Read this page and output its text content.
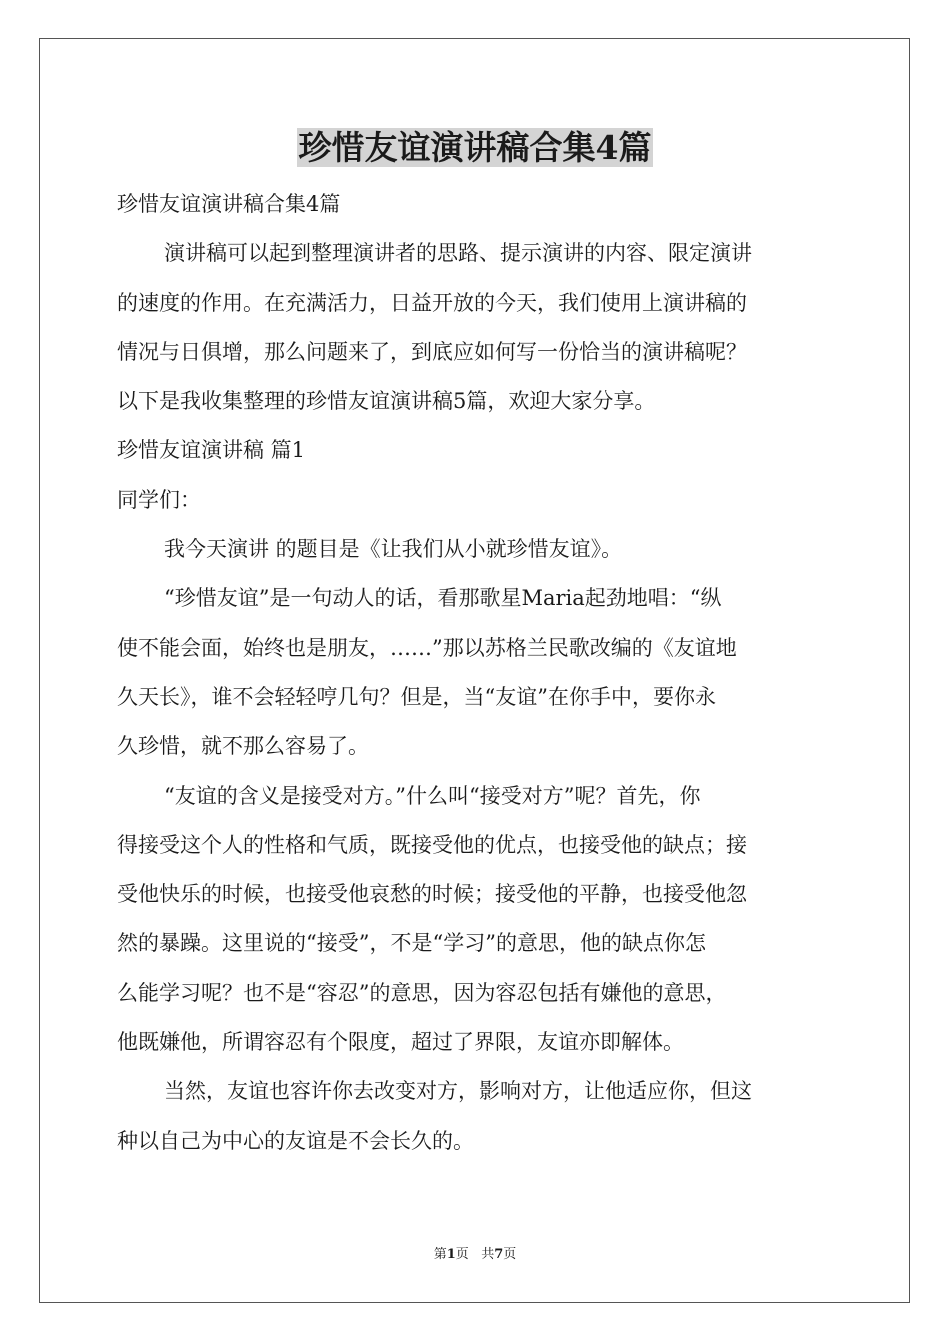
珍惜友谊演讲稿合集4篇

珍惜友谊演讲稿合集4篇

演讲稿可以起到整理演讲者的思路、提示演讲的内容、限定演讲

的速度的作用。在充满活力，日益开放的今天，我们使用上演讲稿的

情况与日俱增，那么问题来了，到底应如何写一份恰当的演讲稿呢？

以下是我收集整理的珍惜友谊演讲稿5篇，欢迎大家分享。

珍惜友谊演讲稿 篇1

同学们：

我今天演讲 的题目是《让我们从小就珍惜友谊》。

“珍惜友谊”是一句动人的话，看那歌星Maria起劲地唱：“纵

使不能会面，始终也是朋友，……”那以苏格兰民歌改编的《友谊地

久天长》，谁不会轻轻哼几句？但是，当“友谊”在你手中，要你永

久珍惜，就不那么容易了。

“友谊的含义是接受对方。”什么叫“接受对方”呢？首先，你

得接受这个人的性格和气质，既接受他的优点，也接受他的缺点；接

受他快乐的时候，也接受他哀愁的时候；接受他的平静，也接受他忽

然的暴躁。这里说的“接受”，不是“学习”的意思，他的缺点你怎

么能学习呢？也不是“容忍”的意思，因为容忍包括有嫌他的意思，

他既嫌他，所谓容忍有个限度，超过了界限，友谊亦即解体。

当然，友谊也容许你去改变对方，影响对方，让他适应你，但这

种以自己为中心的友谊是不会长久的。

第1页 共7页
